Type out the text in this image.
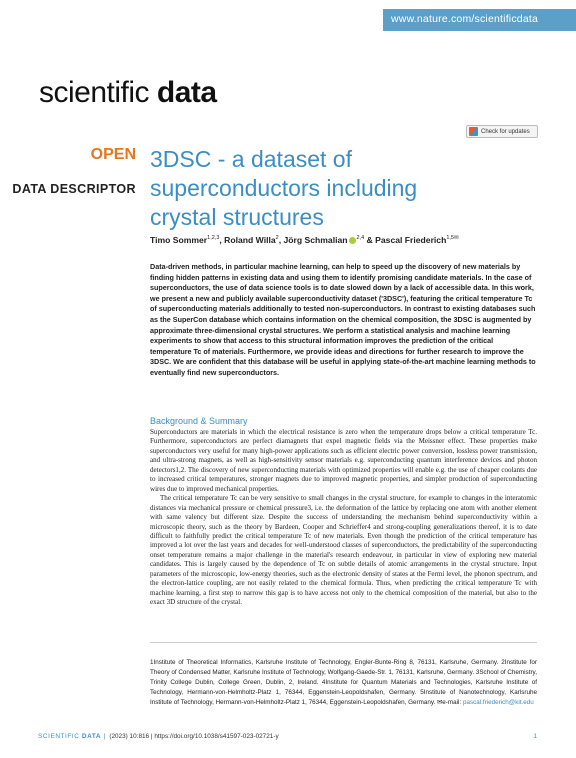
www.nature.com/scientificdata
scientific data
Check for updates
OPEN
DATA DESCRIPTOR
3DSC - a dataset of superconductors including crystal structures
Timo Sommer$^{1,2,3}$, Roland Willa$^2$, Jörg Schmalian $^{2,4}$ & Pascal Friederich$^{1,5✉}$

Data-driven methods, in particular machine learning, can help to speed up the discovery of new materials by finding hidden patterns in existing data and using them to identify promising candidate materials. In the case of superconductors, the use of data science tools is to date slowed down by a lack of accessible data. In this work, we present a new and publicly available superconductivity dataset ('3DSC'), featuring the critical temperature Tc of superconducting materials additionally to tested non-superconductors. In contrast to existing databases such as the SuperCon database which contains information on the chemical composition, the 3DSC is augmented by approximate three-dimensional crystal structures. We perform a statistical analysis and machine learning experiments to show that access to this structural information improves the prediction of the critical temperature Tc of materials. Furthermore, we provide ideas and directions for further research to improve the 3DSC. We are confident that this database will be useful in applying state-of-the-art machine learning methods to eventually find new superconductors.

Background & Summary

Superconductors are materials in which the electrical resistance is zero when the temperature drops below a critical temperature Tc. Furthermore, superconductors are perfect diamagnets that expel magnetic fields via the Meissner effect. These properties make superconductors very useful for many high-power applications such as efficient electric power conversion, lossless power transmission, and ultra-strong magnets, as well as high-sensitivity sensor materials e.g. superconducting quantum interference devices and photon detectors1,2. The discovery of new superconducting materials with optimized properties will enable e.g. the use of cheaper coolants due to increased critical temperatures, stronger magnets due to improved magnetic properties, and simpler production of superconducting wires due to improved mechanical properties.

The critical temperature Tc can be very sensitive to small changes in the crystal structure, for example to changes in the interatomic distances via mechanical pressure or chemical pressure3, i.e. the deformation of the lattice by replacing one atom with another element with same valency but different size. Despite the success of understanding the mechanism behind superconductivity within a microscopic theory, such as the theory by Bardeen, Cooper and Schrieffer4 and strong-coupling generalizations thereof, it is to date difficult to faithfully predict the critical temperature Tc of new materials. Even though the prediction of the critical temperature has improved a lot over the last years and decades for well-understood classes of superconductors, the predictability of the superconducting onset temperature remains a major challenge in the material's research endeavour, in particular in view of exploring new material candidates. This is largely caused by the dependence of Tc on subtle details of atomic arrangements in the crystal structure. Input parameters of the microscopic, low-energy theories, such as the electronic density of states at the Fermi level, the phonon spectrum, and the electron-lattice coupling, are not easily related to the chemical formula. Thus, when predicting the critical temperature Tc with machine learning, a first step to narrow this gap is to have access not only to the chemical composition of the material, but also to the exact 3D structure of the crystal.

1Institute of Theoretical Informatics, Karlsruhe Institute of Technology, Engler-Bunte-Ring 8, 76131, Karlsruhe, Germany. 2Institute for Theory of Condensed Matter, Karlsruhe Institute of Technology, Wolfgang-Gaede-Str. 1, 76131, Karlsruhe, Germany. 3School of Chemistry, Trinity College Dublin, College Green, Dublin, 2, Ireland. 4Institute for Quantum Materials and Technologies, Karlsruhe Institute of Technology, Hermann-von-Helmholtz-Platz 1, 76344, Eggenstein-Leopoldshafen, Germany. 5Institute of Nanotechnology, Karlsruhe Institute of Technology, Hermann-von-Helmholtz-Platz 1, 76344, Eggenstein-Leopoldshafen, Germany. ✉e-mail: pascal.friederich@kit.edu
SCIENTIFIC DATA |
(2023) 10:816 | https://doi.org/10.1038/s41597-023-02721-y	1
